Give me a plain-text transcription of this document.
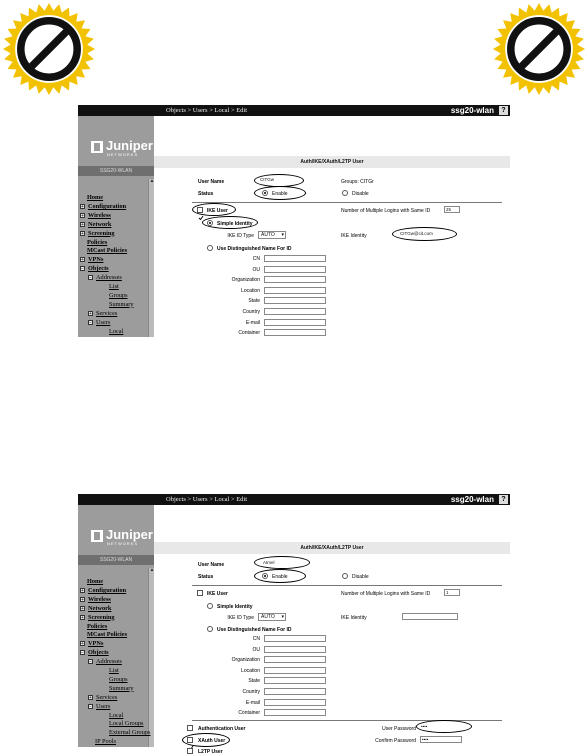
Objects > Users > Local > Edit	ssg20-wlan	?
Juniper
NETWORKS
SSG20-WLAN
▲
Home
+ Configuration
+ Wireless
+ Network
+ Screening
Policies
MCast Policies
+ VPNs
− Objects
− Addresses
List
Groups
Summary
+ Services
− Users
Local
Auth/IKE/XAuth/L2TP User
User Name	CITGw	Groups: CITGr
Status	Enable	Disable
IKE User	Number of Multiple Logins with Same ID	25
Simple Identity
IKE ID Type	AUTO ▾	IKE Identity	CITGw@cit.com
Use Distinguished Name For ID
CN
OU
Organization
Location
State
Country
E-mail
Container
Objects > Users > Local > Edit	ssg20-wlan	?
Juniper
NETWORKS
SSG20-WLAN
▲
Home
+ Configuration
+ Wireless
+ Network
+ Screening
Policies
MCast Policies
+ VPNs
− Objects
− Addresses
List
Groups
Summary
+ Services
− Users
Local
Local Groups
External Groups
IP Pools
Auth/IKE/XAuth/L2TP User
User Name	Atmel
Status	Enable	Disable
IKE User	Number of Multiple Logins with Same ID	1
Simple Identity
IKE ID Type	AUTO ▾	IKE Identity
Use Distinguished Name For ID
CN
OU
Organization
Location
State
Country
E-mail
Container
Authentication User	User Password ••••
XAuth User	Confirm Password	••••
L2TP User
